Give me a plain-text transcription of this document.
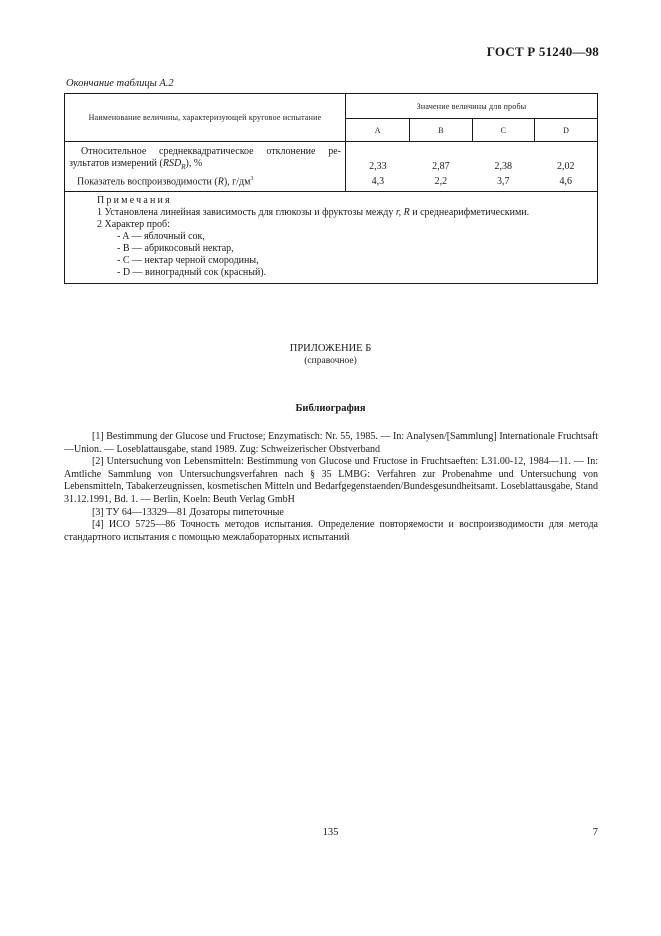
ГОСТ Р 51240—98
Окончание таблицы А.2
Наименование величины, характеризующей круговое испытание	Значение величины для пробы			
	A	B	C	D

Относительное среднеквадратическое отклонение ре-
зультатов измерений $(RSD_R)$, %	2,33	2,87	2,38	2,02
Показатель воспроизводимости (R), $г/дм^3$	4,3	2,2	3,7	4,6
Примечания
1 Установлена линейная зависимость для глюкозы и фруктозы между r, R и среднеарифметическими.
2 Характер проб:
- A — яблочный сок,
- B — абрикосовый нектар,
- C — нектар черной смородины,
- D — виноградный сок (красный).
ПРИЛОЖЕНИЕ Б
(справочное)
Библиография

[1] Bestimmung der Glucose und Fructose; Enzymatisch: Nr. 55, 1985. — In: Analysen/[Sammlung] Internationale Fruchtsaft—Union. — Loseblattausgabe, stand 1989. Zug: Schweizerischer Obstverband

[2] Untersuchung von Lebensmitteln: Bestimmung von Glucose und Fructose in Fruchtsaeften: L31.00-12, 1984—11. — In: Amtliche Sammlung von Untersuchungsverfahren nach § 35 LMBG: Verfahren zur Probenahme und Untersuchung von Lebensmitteln, Tabakerzeugnissen, kosmetischen Mitteln und Bedarfgegenstaenden/Bundesgesundheitsamt. Loseblattausgabe, Stand 31.12.1991, Bd. 1. — Berlin, Koeln: Beuth Verlag GmbH

[3] ТУ 64—13329—81 Дозаторы пипеточные

[4] ИСО 5725—86 Точность методов испытания. Определение повторяемости и воспроизводимости для метода стандартного испытания с помощью межлабораторных испытаний

135	7
